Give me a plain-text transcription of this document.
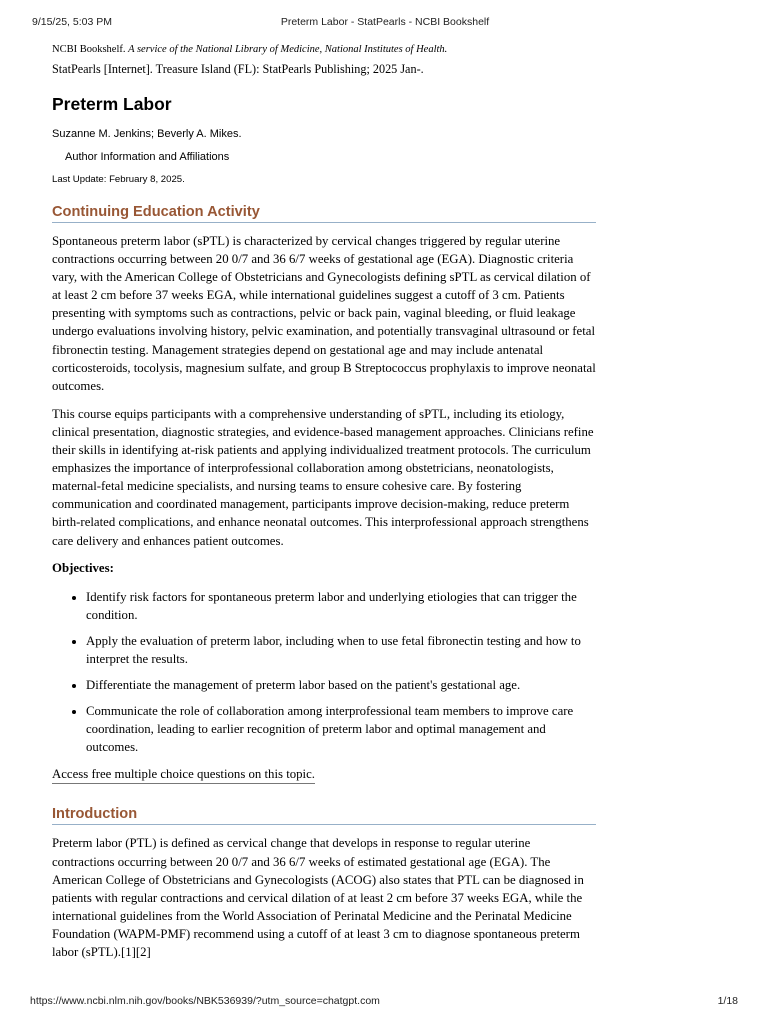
9/15/25, 5:03 PM	Preterm Labor - StatPearls - NCBI Bookshelf

NCBI Bookshelf. A service of the National Library of Medicine, National Institutes of Health.

StatPearls [Internet]. Treasure Island (FL): StatPearls Publishing; 2025 Jan-.

Preterm Labor

Suzanne M. Jenkins; Beverly A. Mikes.

Author Information and Affiliations

Last Update: February 8, 2025.

Continuing Education Activity

Spontaneous preterm labor (sPTL) is characterized by cervical changes triggered by regular uterine contractions occurring between 20 0/7 and 36 6/7 weeks of gestational age (EGA). Diagnostic criteria vary, with the American College of Obstetricians and Gynecologists defining sPTL as cervical dilation of at least 2 cm before 37 weeks EGA, while international guidelines suggest a cutoff of 3 cm. Patients presenting with symptoms such as contractions, pelvic or back pain, vaginal bleeding, or fluid leakage undergo evaluations involving history, pelvic examination, and potentially transvaginal ultrasound or fetal fibronectin testing. Management strategies depend on gestational age and may include antenatal corticosteroids, tocolysis, magnesium sulfate, and group B Streptococcus prophylaxis to improve neonatal outcomes.

This course equips participants with a comprehensive understanding of sPTL, including its etiology, clinical presentation, diagnostic strategies, and evidence-based management approaches. Clinicians refine their skills in identifying at-risk patients and applying individualized treatment protocols. The curriculum emphasizes the importance of interprofessional collaboration among obstetricians, neonatologists, maternal-fetal medicine specialists, and nursing teams to ensure cohesive care. By fostering communication and coordinated management, participants improve decision-making, reduce preterm birth-related complications, and enhance neonatal outcomes. This interprofessional approach strengthens care delivery and enhances patient outcomes.

Objectives:

• Identify risk factors for spontaneous preterm labor and underlying etiologies that can trigger the condition.
• Apply the evaluation of preterm labor, including when to use fetal fibronectin testing and how to interpret the results.
• Differentiate the management of preterm labor based on the patient's gestational age.
• Communicate the role of collaboration among interprofessional team members to improve care coordination, leading to earlier recognition of preterm labor and optimal management and outcomes.
Access free multiple choice questions on this topic.
Introduction

Preterm labor (PTL) is defined as cervical change that develops in response to regular uterine contractions occurring between 20 0/7 and 36 6/7 weeks of estimated gestational age (EGA). The American College of Obstetricians and Gynecologists (ACOG) also states that PTL can be diagnosed in patients with regular contractions and cervical dilation of at least 2 cm before 37 weeks EGA, while the international guidelines from the World Association of Perinatal Medicine and the Perinatal Medicine Foundation (WAPM-PMF) recommend using a cutoff of at least 3 cm to diagnose spontaneous preterm labor (sPTL).[1][2]

https://www.ncbi.nlm.nih.gov/books/NBK536939/?utm_source=chatgpt.com	1/18
